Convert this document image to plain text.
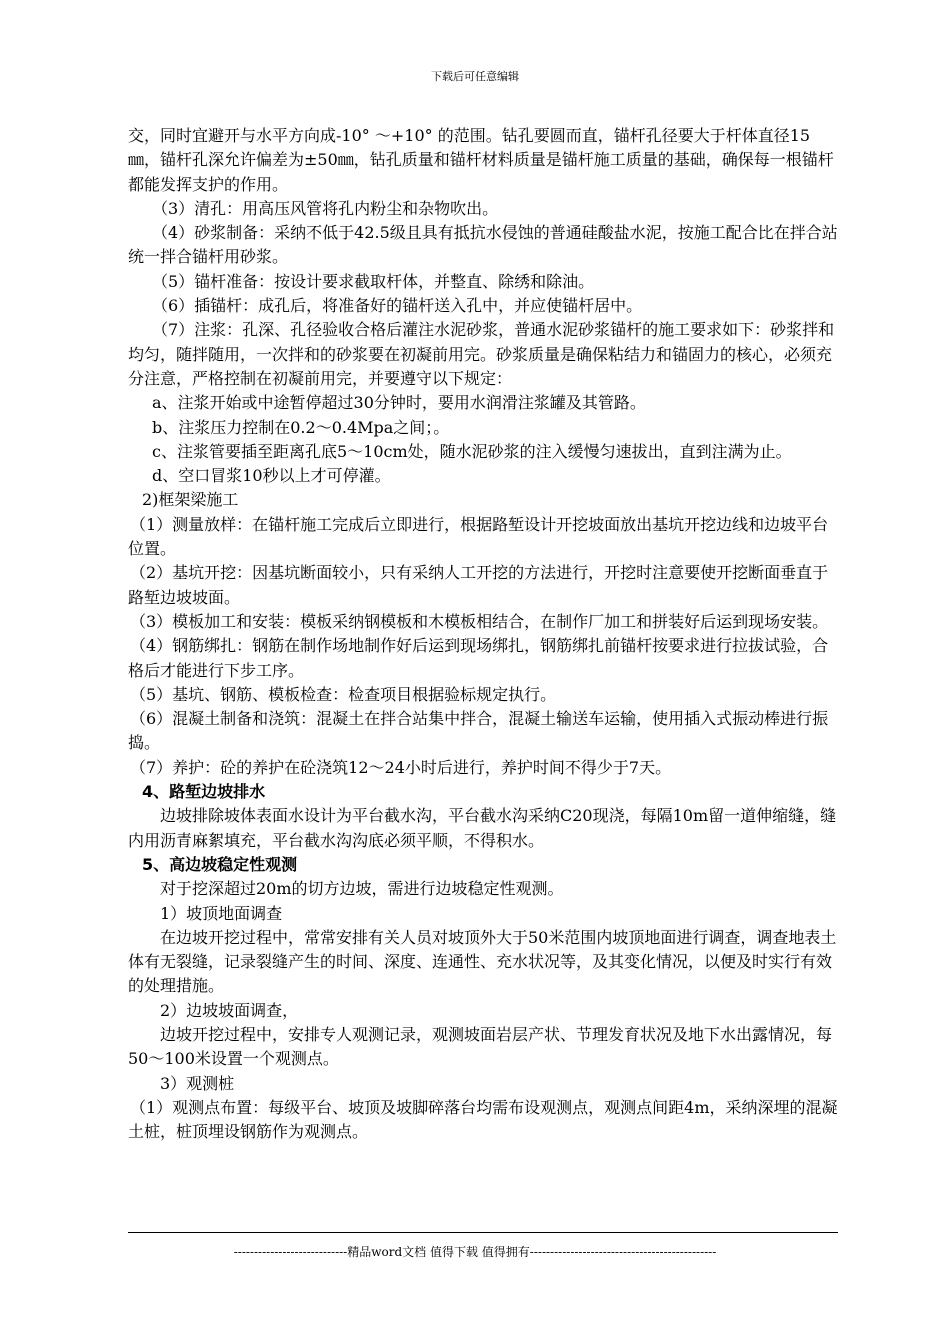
下载后可任意编辑

交，同时宜避开与水平方向成-10° ～+10° 的范围。钻孔要圆而直，锚杆孔径要大于杆体直径15㎜，锚杆孔深允许偏差为±50㎜，钻孔质量和锚杆材料质量是锚杆施工质量的基础，确保每一根锚杆都能发挥支护的作用。

（3）清孔：用高压风管将孔内粉尘和杂物吹出。

（4）砂浆制备：采纳不低于42.5级且具有抵抗水侵蚀的普通硅酸盐水泥，按施工配合比在拌合站统一拌合锚杆用砂浆。

（5）锚杆准备：按设计要求截取杆体，并整直、除绣和除油。

（6）插锚杆：成孔后，将准备好的锚杆送入孔中，并应使锚杆居中。

（7）注浆：孔深、孔径验收合格后灌注水泥砂浆，普通水泥砂浆锚杆的施工要求如下：砂浆拌和均匀，随拌随用，一次拌和的砂浆要在初凝前用完。砂浆质量是确保粘结力和锚固力的核心，必须充分注意，严格控制在初凝前用完，并要遵守以下规定：

a、注浆开始或中途暂停超过30分钟时，要用水润滑注浆罐及其管路。

b、注浆压力控制在0.2～0.4Mpa之间；。

c、注浆管要插至距离孔底5～10cm处，随水泥砂浆的注入缓慢匀速拔出，直到注满为止。

d、空口冒浆10秒以上才可停灌。

2)框架梁施工

（1）测量放样：在锚杆施工完成后立即进行，根据路堑设计开挖坡面放出基坑开挖边线和边坡平台位置。

（2）基坑开挖：因基坑断面较小，只有采纳人工开挖的方法进行，开挖时注意要使开挖断面垂直于路堑边坡坡面。

（3）模板加工和安装：模板采纳钢模板和木模板相结合，在制作厂加工和拼装好后运到现场安装。

（4）钢筋绑扎：钢筋在制作场地制作好后运到现场绑扎，钢筋绑扎前锚杆按要求进行拉拔试验，合格后才能进行下步工序。

（5）基坑、钢筋、模板检查：检查项目根据验标规定执行。

（6）混凝土制备和浇筑：混凝土在拌合站集中拌合，混凝土输送车运输，使用插入式振动棒进行振捣。

（7）养护：砼的养护在砼浇筑12～24小时后进行，养护时间不得少于7天。

4、路堑边坡排水

边坡排除坡体表面水设计为平台截水沟，平台截水沟采纳C20现浇，每隔10m留一道伸缩缝，缝内用沥青麻絮填充，平台截水沟沟底必须平顺，不得积水。

5、高边坡稳定性观测

对于挖深超过20m的切方边坡，需进行边坡稳定性观测。

1）坡顶地面调查

在边坡开挖过程中，常常安排有关人员对坡顶外大于50米范围内坡顶地面进行调查，调查地表土体有无裂缝，记录裂缝产生的时间、深度、连通性、充水状况等，及其变化情况，以便及时实行有效的处理措施。

2）边坡坡面调查，

边坡开挖过程中，安排专人观测记录，观测坡面岩层产状、节理发育状况及地下水出露情况，每50～100米设置一个观测点。

3）观测桩

（1）观测点布置：每级平台、坡顶及坡脚碎落台均需布设观测点，观测点间距4m，采纳深埋的混凝土桩，桩顶埋设钢筋作为观测点。

----------------------------精品word文档 值得下载 值得拥有----------------------------------------------
